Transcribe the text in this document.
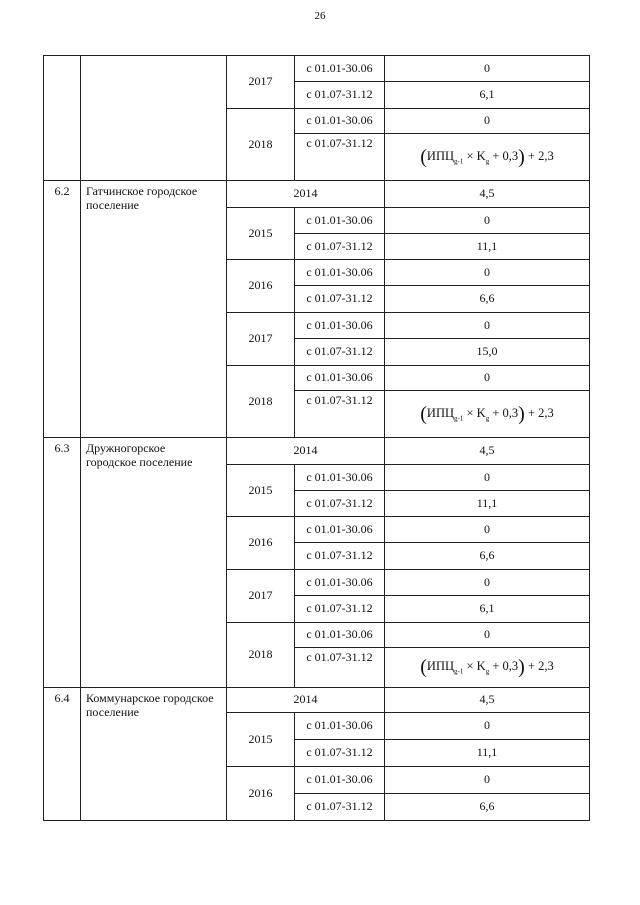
26
		2017	с 01.01-30.06	0
			с 01.07-31.12	6,1
		2018	с 01.01-30.06	0
			с 01.07-31.12	$(ИПЦ_{g-1} \times K_g + 0,3) + 2,3$
6.2	Гатчинское городское поселение	2014		4,5
		2015	с 01.01-30.06	0
			с 01.07-31.12	11,1
		2016	с 01.01-30.06	0
			с 01.07-31.12	6,6
		2017	с 01.01-30.06	0
			с 01.07-31.12	15,0
		2018	с 01.01-30.06	0
			с 01.07-31.12	$(ИПЦ_{g-1} \times K_g + 0,3) + 2,3$
6.3	Дружногорское городское поселение	2014		4,5
		2015	с 01.01-30.06	0
			с 01.07-31.12	11,1
		2016	с 01.01-30.06	0
			с 01.07-31.12	6,6
		2017	с 01.01-30.06	0
			с 01.07-31.12	6,1
		2018	с 01.01-30.06	0
			с 01.07-31.12	$(ИПЦ_{g-1} \times K_g + 0,3) + 2,3$
6.4	Коммунарское городское поселение	2014		4,5
		2015	с 01.01-30.06	0
			с 01.07-31.12	11,1
		2016	с 01.01-30.06	0
			с 01.07-31.12	6,6
